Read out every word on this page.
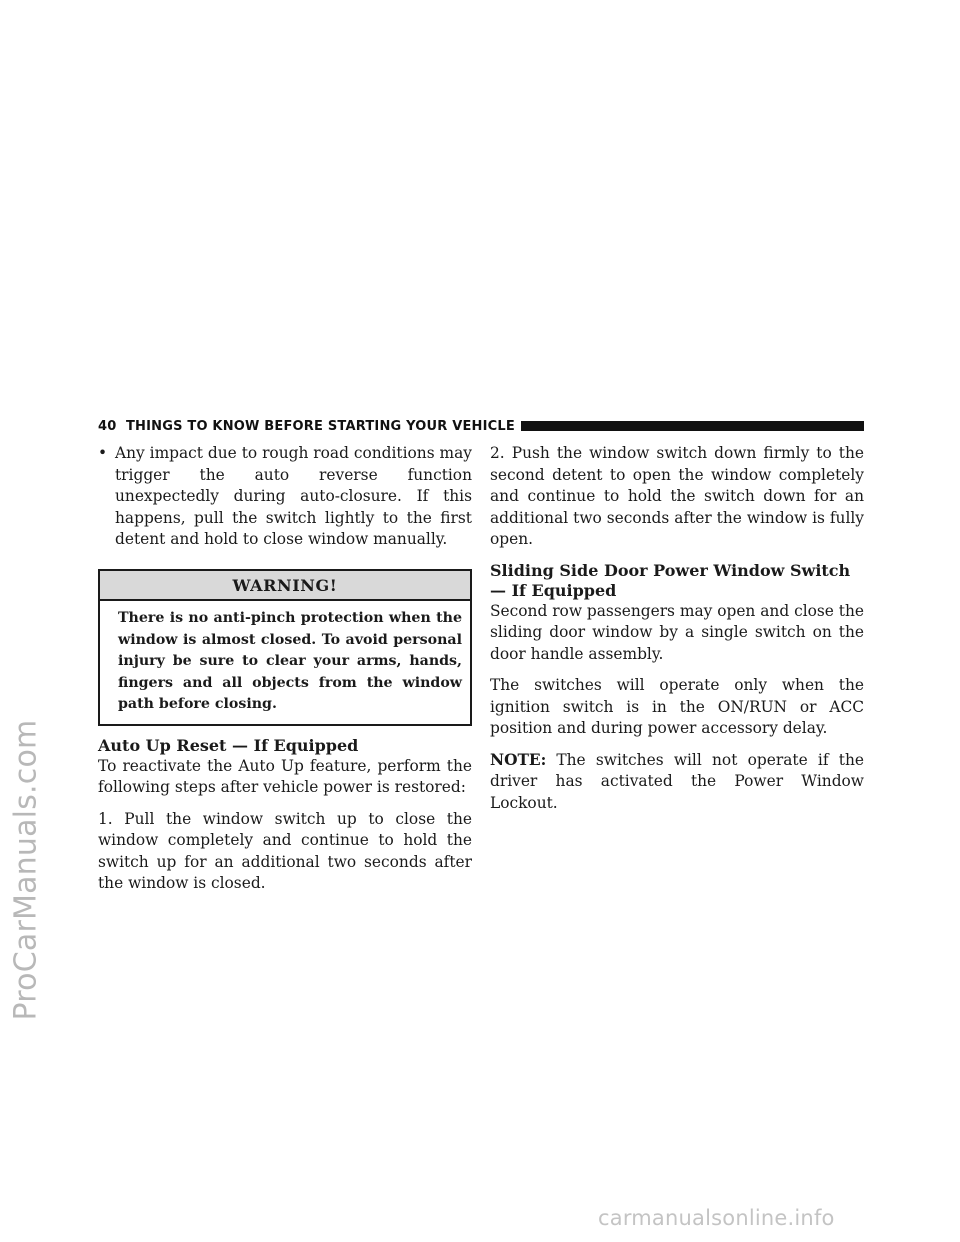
ProCarManuals.com
40 THINGS TO KNOW BEFORE STARTING YOUR VEHICLE
• Any impact due to rough road conditions may trigger the auto reverse function unexpectedly during auto-closure. If this happens, pull the switch lightly to the first detent and hold to close window manually.
WARNING!
There is no anti-pinch protection when the window is almost closed. To avoid personal injury be sure to clear your arms, hands, fingers and all objects from the window path before closing.
Auto Up Reset — If Equipped

To reactivate the Auto Up feature, perform the following steps after vehicle power is restored:

1. Pull the window switch up to close the window completely and continue to hold the switch up for an additional two seconds after the window is closed.

2. Push the window switch down firmly to the second detent to open the window completely and continue to hold the switch down for an additional two seconds after the window is fully open.

Sliding Side Door Power Window Switch — If Equipped

Second row passengers may open and close the sliding door window by a single switch on the door handle assembly.

The switches will operate only when the ignition switch is in the ON/RUN or ACC position and during power accessory delay.

NOTE: The switches will not operate if the driver has activated the Power Window Lockout.

carmanualsonline.info
